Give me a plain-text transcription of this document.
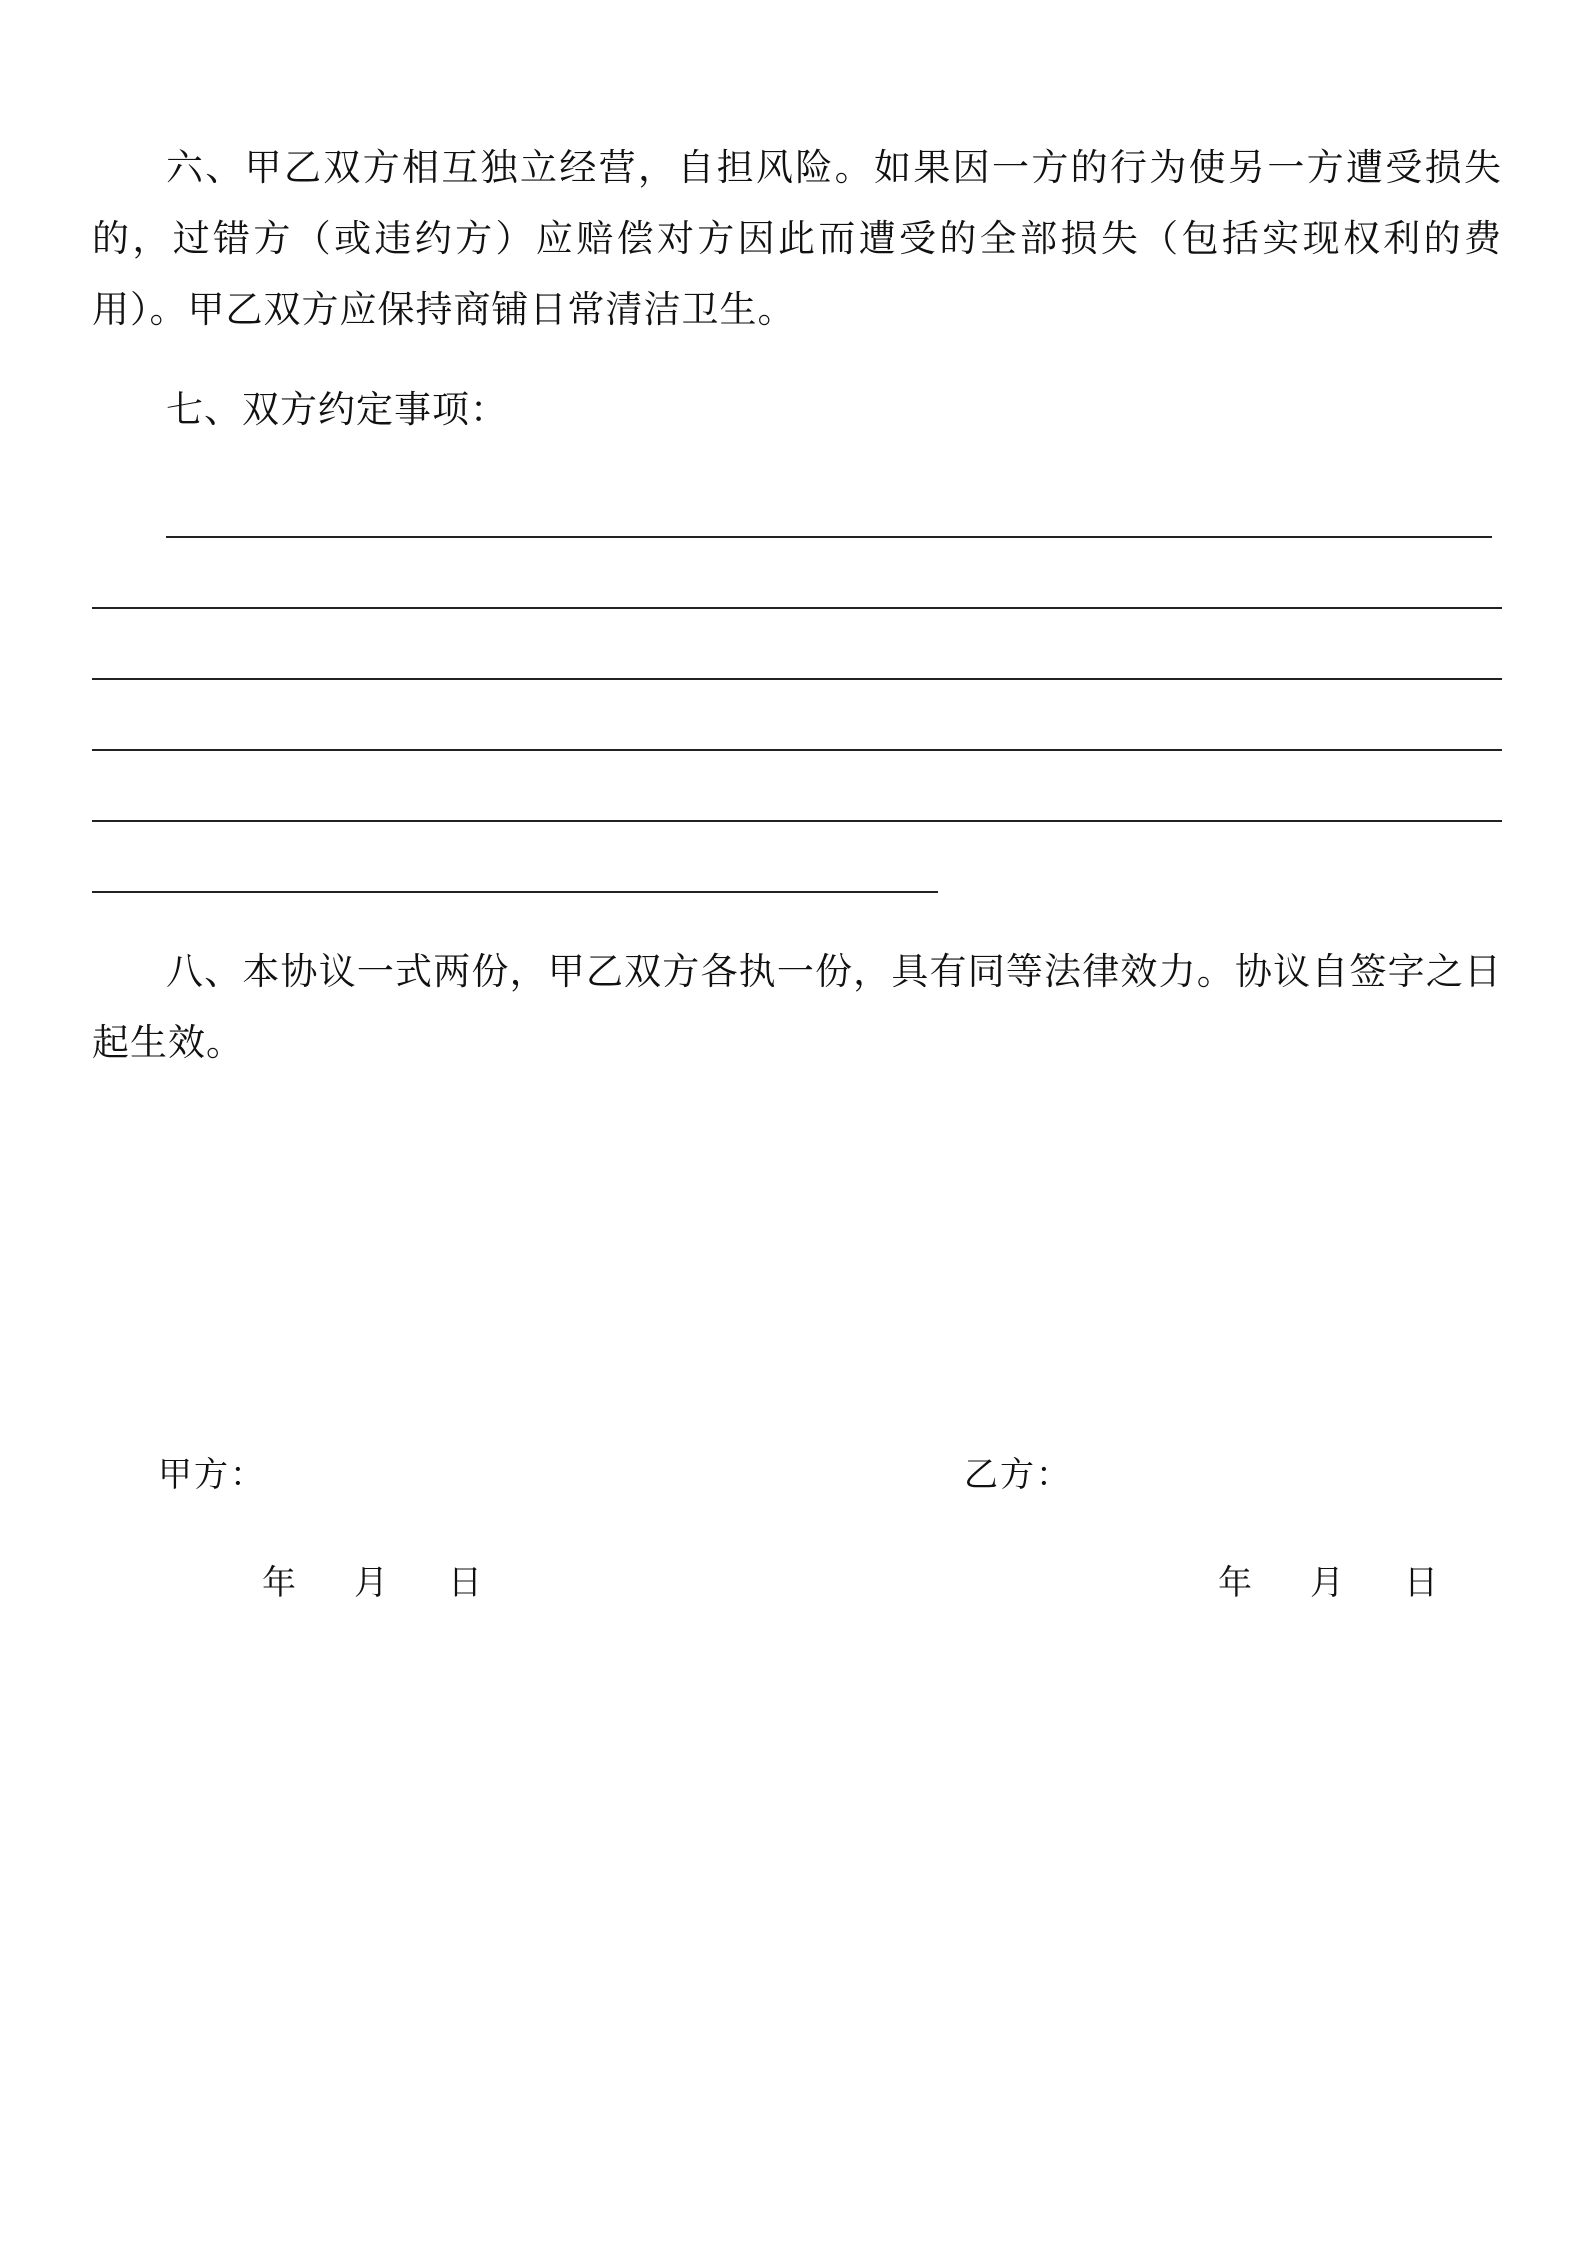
六、甲乙双方相互独立经营，自担风险。如果因一方的行为使另一方遭受损失的，过错方（或违约方）应赔偿对方因此而遭受的全部损失（包括实现权利的费用）。甲乙双方应保持商铺日常清洁卫生。

七、双方约定事项：

八、本协议一式两份，甲乙双方各执一份，具有同等法律效力。协议自签字之日起生效。

甲方：	乙方：
年 月 日	年 月 日
